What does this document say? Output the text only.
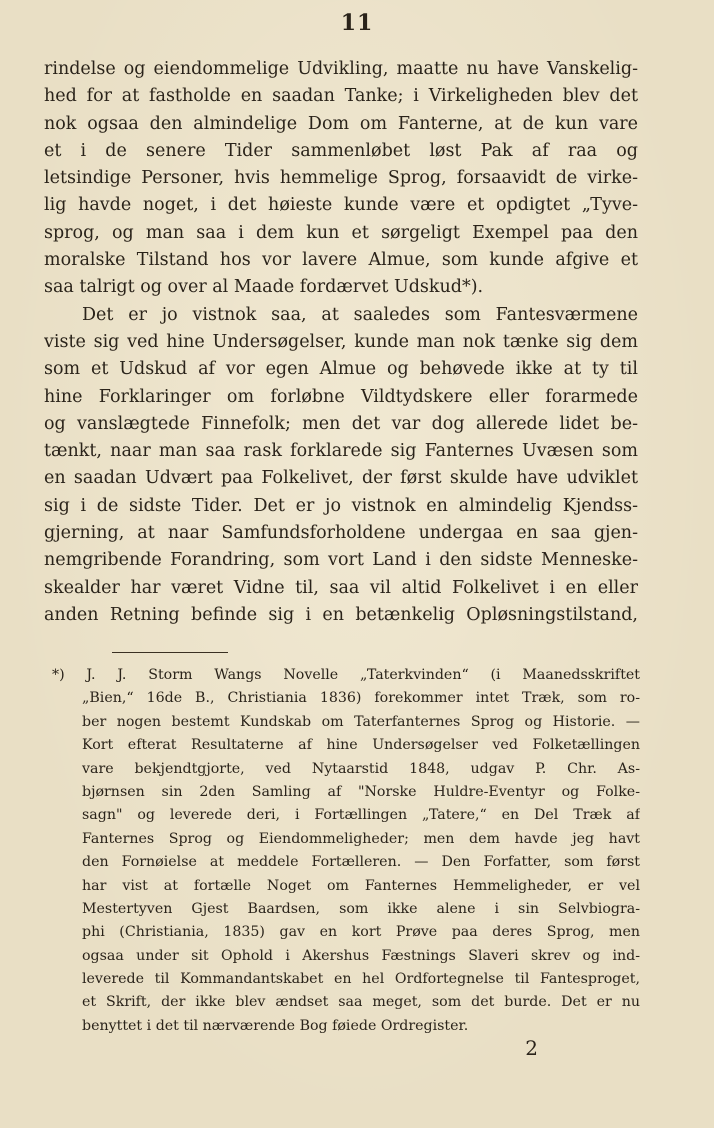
11
rindelse og eiendommelige Udvikling, maatte nu have Vanskelig-
hed for at fastholde en saadan Tanke; i Virkeligheden blev det
nok ogsaa den almindelige Dom om Fanterne, at de kun vare
et i de senere Tider sammenløbet løst Pak af raa og
letsindige Personer, hvis hemmelige Sprog, forsaavidt de virke-
lig havde noget, i det høieste kunde være et opdigtet „Tyve-
sprog, og man saa i dem kun et sørgeligt Exempel paa den
moralske Tilstand hos vor lavere Almue, som kunde afgive et
saa talrigt og over al Maade fordærvet Udskud*).
Det er jo vistnok saa, at saaledes som Fantesværmene
viste sig ved hine Undersøgelser, kunde man nok tænke sig dem
som et Udskud af vor egen Almue og behøvede ikke at ty til
hine Forklaringer om forløbne Vildtydskere eller forarmede
og vanslægtede Finnefolk; men det var dog allerede lidet be-
tænkt, naar man saa rask forklarede sig Fanternes Uvæsen som
en saadan Udvært paa Folkelivet, der først skulde have udviklet
sig i de sidste Tider. Det er jo vistnok en almindelig Kjendss-
gjerning, at naar Samfundsforholdene undergaa en saa gjen-
nemgribende Forandring, som vort Land i den sidste Menneske-
skealder har været Vidne til, saa vil altid Folkelivet i en eller
anden Retning befinde sig i en betænkelig Opløsningstilstand,
*) J. J. Storm Wangs Novelle „Taterkvinden“ (i Maanedsskriftet
„Bien,“ 16de B., Christiania 1836) forekommer intet Træk, som ro-
ber nogen bestemt Kundskab om Taterfanternes Sprog og Historie. —
Kort efterat Resultaterne af hine Undersøgelser ved Folketællingen
vare bekjendtgjorte, ved Nytaarstid 1848, udgav P. Chr. As-
bjørnsen sin 2den Samling af "Norske Huldre-Eventyr og Folke-
sagn" og leverede deri, i Fortællingen „Tatere,“ en Del Træk af
Fanternes Sprog og Eiendommeligheder; men dem havde jeg havt
den Fornøielse at meddele Fortælleren. — Den Forfatter, som først
har vist at fortælle Noget om Fanternes Hemmeligheder, er vel
Mestertyven Gjest Baardsen, som ikke alene i sin Selvbiogra-
phi (Christiania, 1835) gav en kort Prøve paa deres Sprog, men
ogsaa under sit Ophold i Akershus Fæstnings Slaveri skrev og ind-
leverede til Kommandantskabet en hel Ordfortegnelse til Fantesproget,
et Skrift, der ikke blev ændset saa meget, som det burde. Det er nu
benyttet i det til nærværende Bog føiede Ordregister.
2
